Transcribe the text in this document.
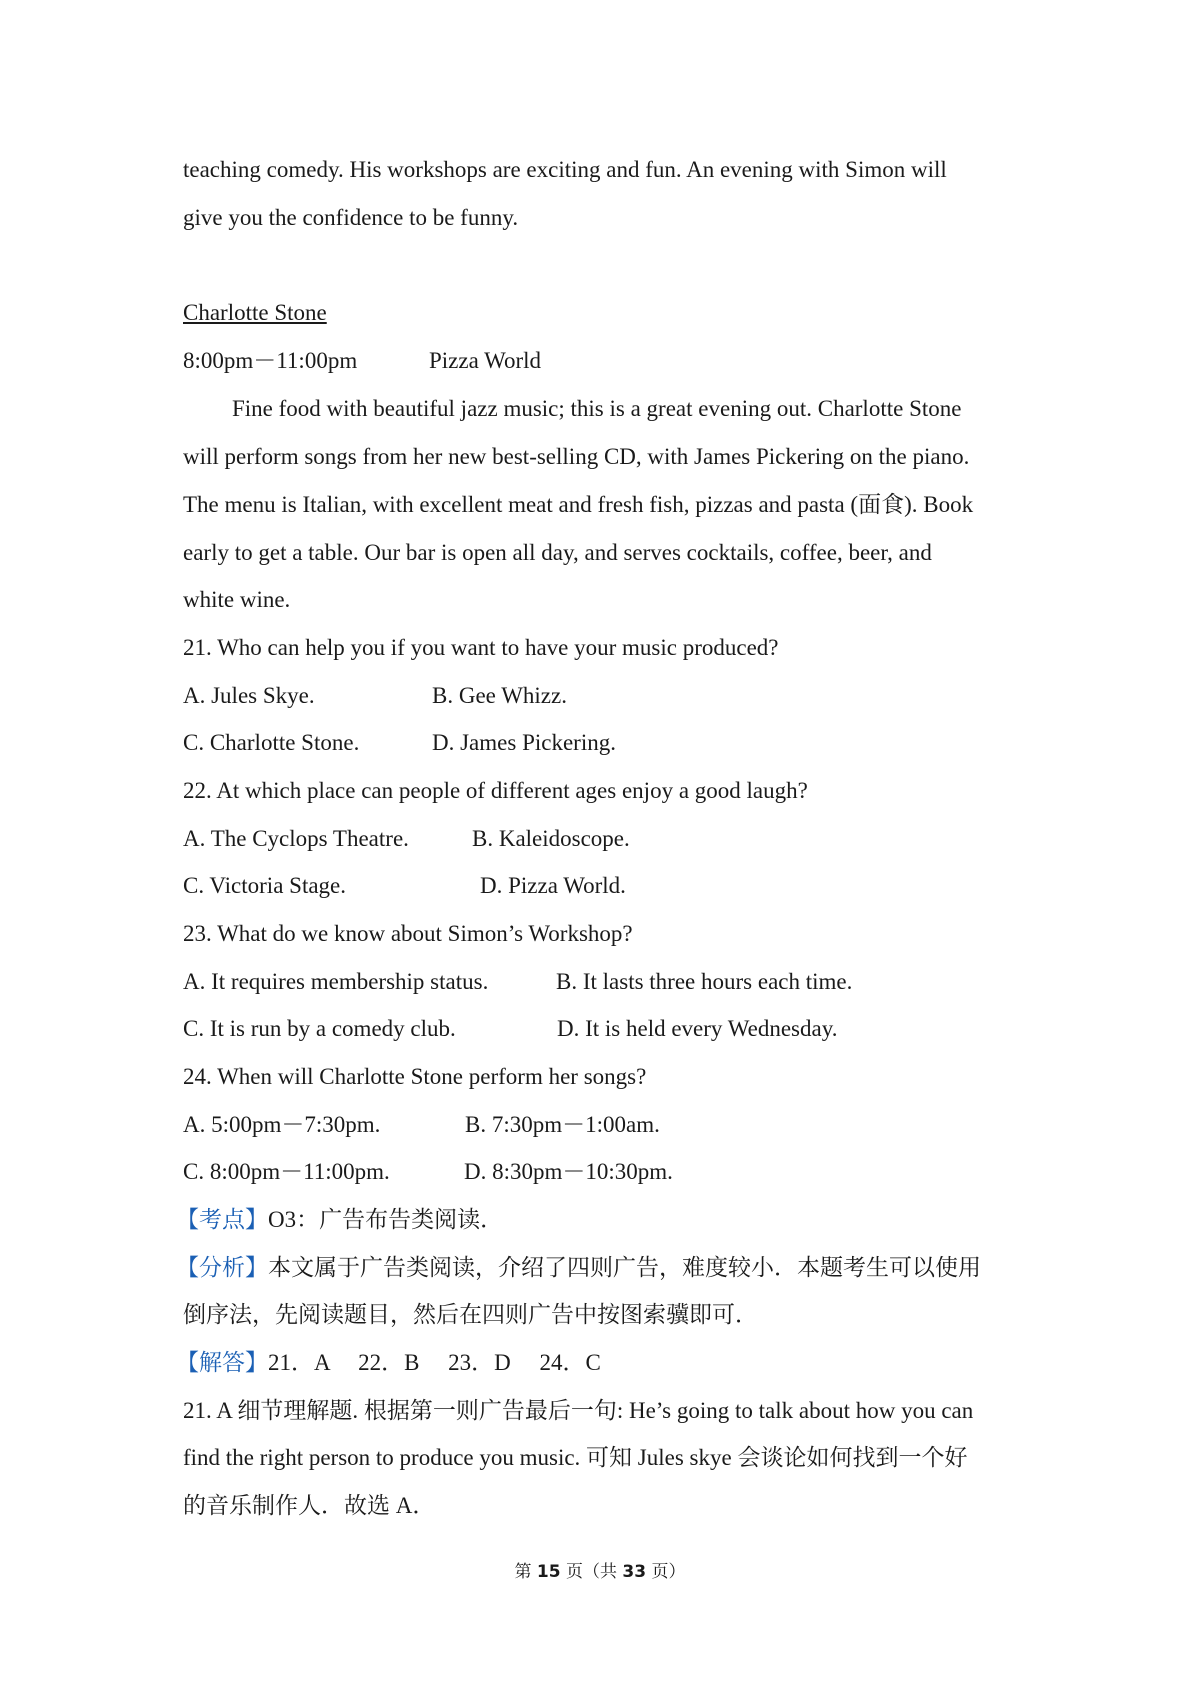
teaching comedy. His workshops are exciting and fun. An evening with Simon will
give you the confidence to be funny.
Charlotte Stone
8:00pm－11:00pm	Pizza World
Fine food with beautiful jazz music; this is a great evening out. Charlotte Stone
will perform songs from her new best-selling CD, with James Pickering on the piano.
The menu is Italian, with excellent meat and fresh fish, pizzas and pasta (面食). Book
early to get a table. Our bar is open all day, and serves cocktails, coffee, beer, and
white wine.
21. Who can help you if you want to have your music produced?
A. Jules Skye.	B. Gee Whizz.
C. Charlotte Stone.	D. James Pickering.
22. At which place can people of different ages enjoy a good laugh?
A. The Cyclops Theatre.	B. Kaleidoscope.
C. Victoria Stage.	D. Pizza World.
23. What do we know about Simon’s Workshop?
A. It requires membership status.	B. It lasts three hours each time.
C. It is run by a comedy club.	D. It is held every Wednesday.
24. When will Charlotte Stone perform her songs?
A. 5:00pm－7:30pm.	B. 7:30pm－1:00am.
C. 8:00pm－11:00pm.	D. 8:30pm－10:30pm.
【考点】O3：广告布告类阅读．
【分析】本文属于广告类阅读，介绍了四则广告，难度较小．本题考生可以使用
倒序法，先阅读题目，然后在四则广告中按图索骥即可．
【解答】21．A　 22．B　 23．D　 24．C
21. A 细节理解题. 根据第一则广告最后一句: He’s going to talk about how you can
find the right person to produce you music. 可知 Jules skye 会谈论如何找到一个好
的音乐制作人．故选 A．
第 15 页（共 33 页）
